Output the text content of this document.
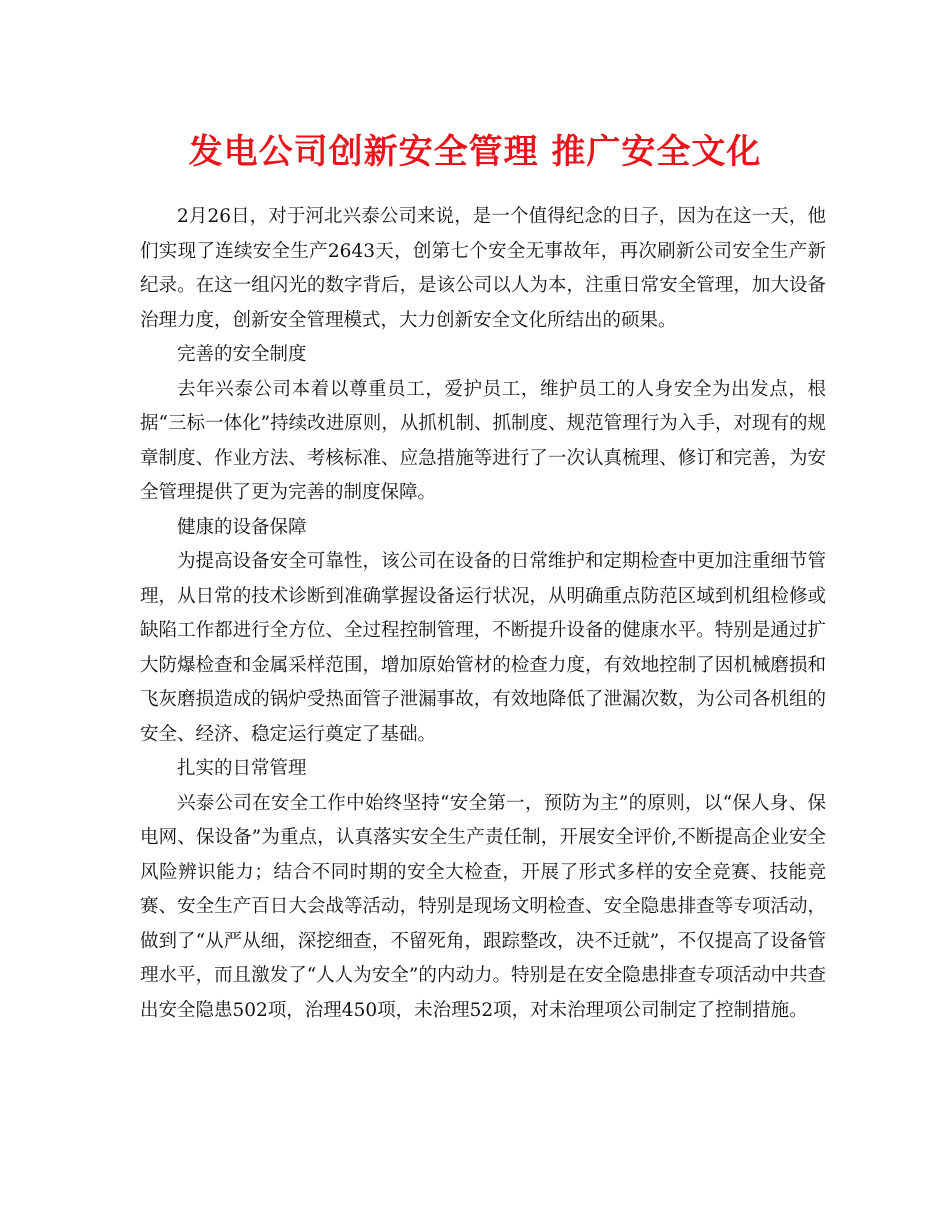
发电公司创新安全管理 推广安全文化

2月26日，对于河北兴泰公司来说，是一个值得纪念的日子，因为在这一天，他们实现了连续安全生产2643天，创第七个安全无事故年，再次刷新公司安全生产新纪录。在这一组闪光的数字背后，是该公司以人为本，注重日常安全管理，加大设备治理力度，创新安全管理模式，大力创新安全文化所结出的硕果。

完善的安全制度

去年兴泰公司本着以尊重员工，爱护员工，维护员工的人身安全为出发点，根据“三标一体化”持续改进原则，从抓机制、抓制度、规范管理行为入手，对现有的规章制度、作业方法、考核标准、应急措施等进行了一次认真梳理、修订和完善，为安全管理提供了更为完善的制度保障。

健康的设备保障

为提高设备安全可靠性，该公司在设备的日常维护和定期检查中更加注重细节管理，从日常的技术诊断到准确掌握设备运行状况，从明确重点防范区域到机组检修或缺陷工作都进行全方位、全过程控制管理，不断提升设备的健康水平。特别是通过扩大防爆检查和金属采样范围，增加原始管材的检查力度，有效地控制了因机械磨损和飞灰磨损造成的锅炉受热面管子泄漏事故，有效地降低了泄漏次数，为公司各机组的安全、经济、稳定运行奠定了基础。

扎实的日常管理

兴泰公司在安全工作中始终坚持“安全第一，预防为主”的原则，以“保人身、保电网、保设备”为重点，认真落实安全生产责任制，开展安全评价,不断提高企业安全风险辨识能力；结合不同时期的安全大检查，开展了形式多样的安全竞赛、技能竞赛、安全生产百日大会战等活动，特别是现场文明检查、安全隐患排查等专项活动，做到了“从严从细，深挖细查，不留死角，跟踪整改，决不迁就”，不仅提高了设备管理水平，而且激发了“人人为安全”的内动力。特别是在安全隐患排查专项活动中共查出安全隐患502项，治理450项，未治理52项，对未治理项公司制定了控制措施。
